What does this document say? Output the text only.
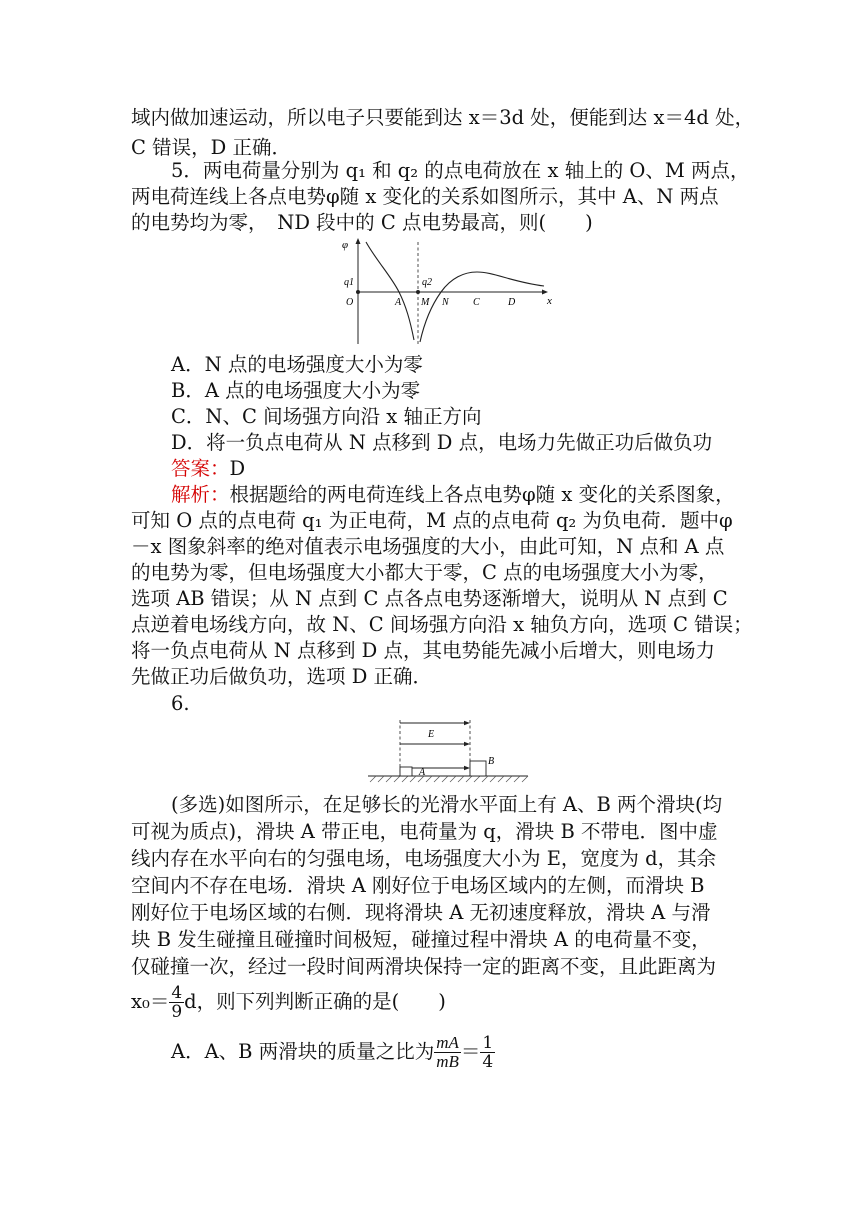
域内做加速运动，所以电子只要能到达 x＝3d 处，便能到达 x＝4d 处，
C 错误，D 正确．
5．两电荷量分别为 q₁ 和 q₂ 的点电荷放在 x 轴上的 O、M 两点，
两电荷连线上各点电势φ随 x 变化的关系如图所示，其中 A、N 两点
的电势均为零，　ND 段中的 C 点电势最高，则(　　)
φ
x
q1	q2
O	A M N C	D
A．N 点的电场强度大小为零
B．A 点的电场强度大小为零
C．N、C 间场强方向沿 x 轴正方向
D．将一负点电荷从 N 点移到 D 点，电场力先做正功后做负功
答案：D
解析：根据题给的两电荷连线上各点电势φ随 x 变化的关系图象，
可知 O 点的点电荷 q₁ 为正电荷，M 点的点电荷 q₂ 为负电荷．题中φ
－x 图象斜率的绝对值表示电场强度的大小，由此可知，N 点和 A 点
的电势为零，但电场强度大小都大于零，C 点的电场强度大小为零，
选项 AB 错误；从 N 点到 C 点各点电势逐渐增大，说明从 N 点到 C
点逆着电场线方向，故 N、C 间场强方向沿 x 轴负方向，选项 C 错误；
将一负点电荷从 N 点移到 D 点，其电势能先减小后增大，则电场力
先做正功后做负功，选项 D 正确．
6.
E
A
B
(多选)如图所示，在足够长的光滑水平面上有 A、B 两个滑块(均
可视为质点)，滑块 A 带正电，电荷量为 q，滑块 B 不带电．图中虚
线内存在水平向右的匀强电场，电场强度大小为 E，宽度为 d，其余
空间内不存在电场．滑块 A 刚好位于电场区域内的左侧，而滑块 B
刚好位于电场区域的右侧．现将滑块 A 无初速度释放，滑块 A 与滑
块 B 发生碰撞且碰撞时间极短，碰撞过程中滑块 A 的电荷量不变，
仅碰撞一次，经过一段时间两滑块保持一定的距离不变，且此距离为
$x_0= \frac{4}{9}$ d，则下列判断正确的是(　　)
A．A、B 两滑块的质量之比为 $\frac{mA}{mB} = \frac{1}{4}$
